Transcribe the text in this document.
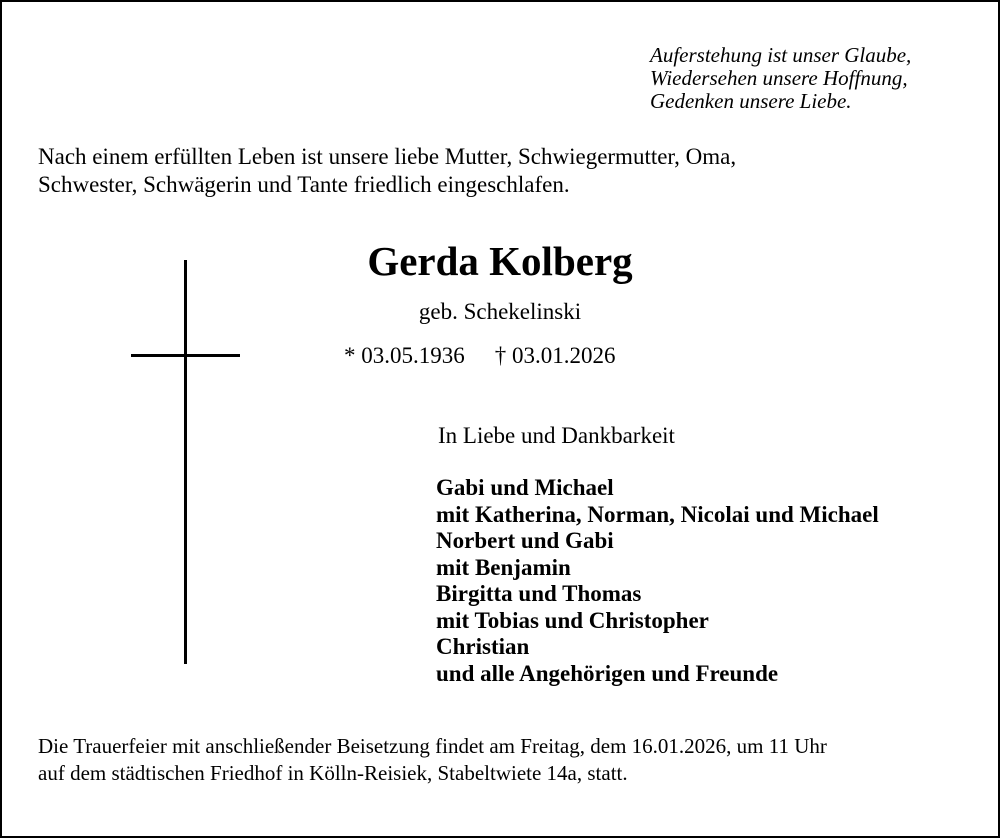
Auferstehung ist unser Glaube,
Wiedersehen unsere Hoffnung,
Gedenken unsere Liebe.
Nach einem erfüllten Leben ist unsere liebe Mutter, Schwiegermutter, Oma,
Schwester, Schwägerin und Tante friedlich eingeschlafen.
Gerda Kolberg
geb. Schekelinski
* 03.05.1936 † 03.01.2026
In Liebe und Dankbarkeit
Gabi und Michael
mit Katherina, Norman, Nicolai und Michael
Norbert und Gabi
mit Benjamin
Birgitta und Thomas
mit Tobias und Christopher
Christian
und alle Angehörigen und Freunde
Die Trauerfeier mit anschließender Beisetzung findet am Freitag, dem 16.01.2026, um 11 Uhr
auf dem städtischen Friedhof in Kölln-Reisiek, Stabeltwiete 14a, statt.
